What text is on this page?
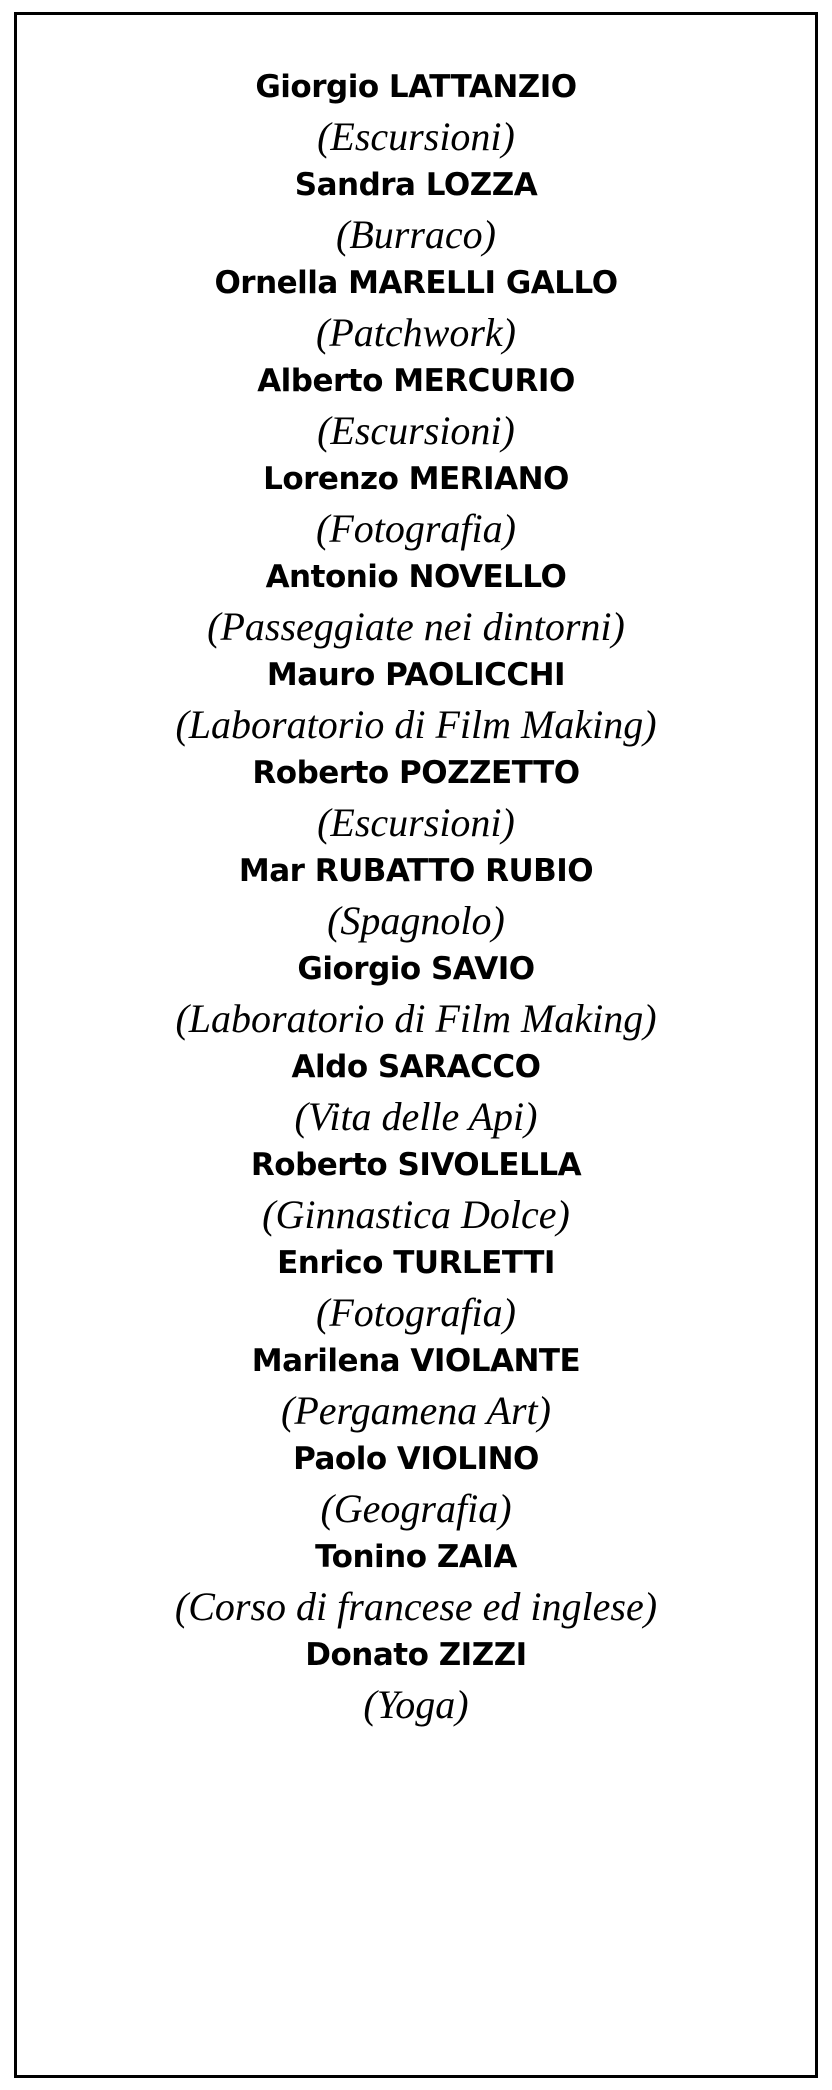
Giorgio LATTANZIO
(Escursioni)
Sandra LOZZA
(Burraco)
Ornella MARELLI GALLO
(Patchwork)
Alberto MERCURIO
(Escursioni)
Lorenzo MERIANO
(Fotografia)
Antonio NOVELLO
(Passeggiate nei dintorni)
Mauro PAOLICCHI
(Laboratorio di Film Making)
Roberto POZZETTO
(Escursioni)
Mar RUBATTO RUBIO
(Spagnolo)
Giorgio SAVIO
(Laboratorio di Film Making)
Aldo SARACCO
(Vita delle Api)
Roberto SIVOLELLA
(Ginnastica Dolce)
Enrico TURLETTI
(Fotografia)
Marilena VIOLANTE
(Pergamena Art)
Paolo VIOLINO
(Geografia)
Tonino ZAIA
(Corso di francese ed inglese)
Donato ZIZZI
(Yoga)
